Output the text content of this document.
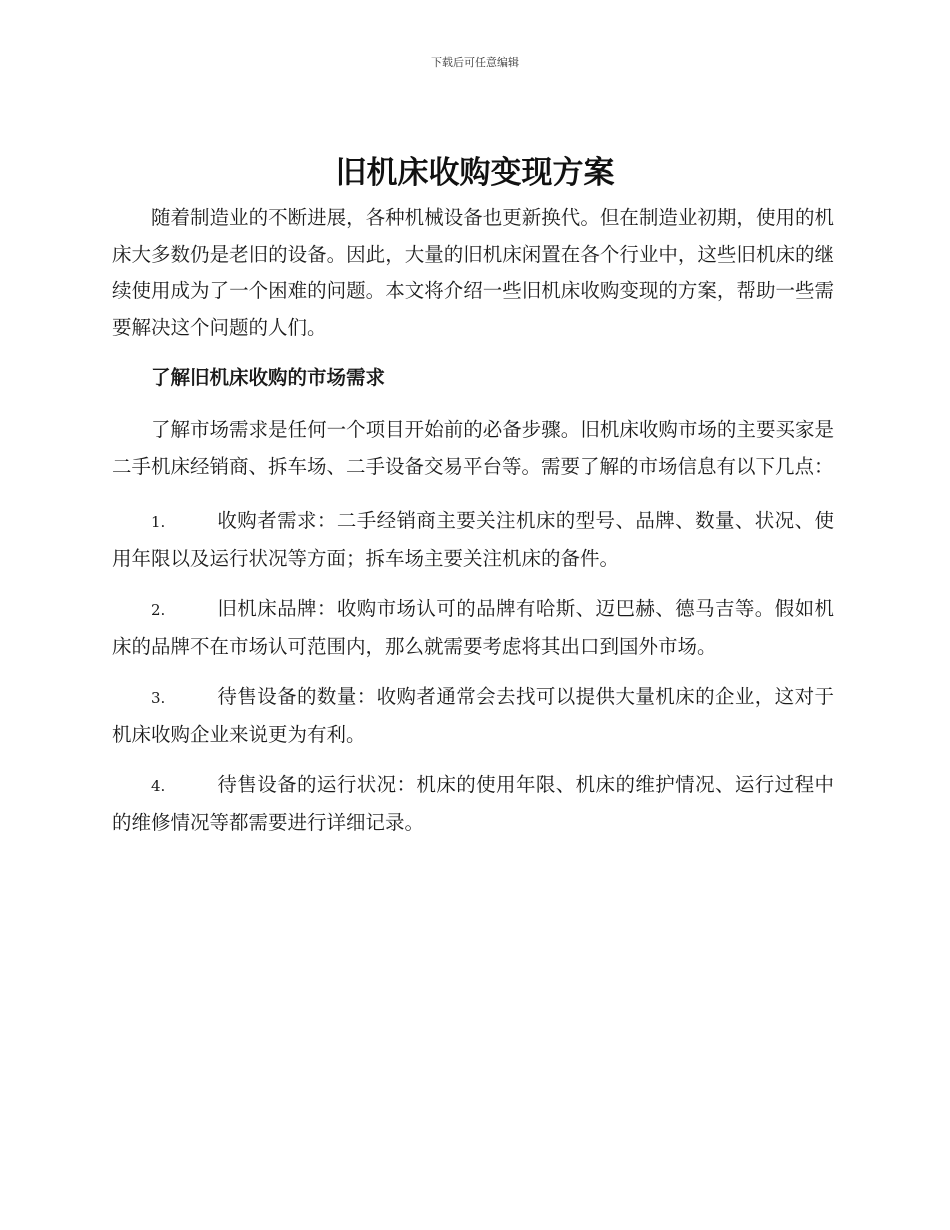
下载后可任意编辑
旧机床收购变现方案

随着制造业的不断进展，各种机械设备也更新换代。但在制造业初期，使用的机床大多数仍是老旧的设备。因此，大量的旧机床闲置在各个行业中，这些旧机床的继续使用成为了一个困难的问题。本文将介绍一些旧机床收购变现的方案，帮助一些需要解决这个问题的人们。

了解旧机床收购的市场需求

了解市场需求是任何一个项目开始前的必备步骤。旧机床收购市场的主要买家是二手机床经销商、拆车场、二手设备交易平台等。需要了解的市场信息有以下几点：

1.	收购者需求：二手经销商主要关注机床的型号、品牌、数量、状况、使用年限以及运行状况等方面；拆车场主要关注机床的备件。

2.	旧机床品牌：收购市场认可的品牌有哈斯、迈巴赫、德马吉等。假如机床的品牌不在市场认可范围内，那么就需要考虑将其出口到国外市场。

3.	待售设备的数量：收购者通常会去找可以提供大量机床的企业，这对于机床收购企业来说更为有利。

4.	待售设备的运行状况：机床的使用年限、机床的维护情况、运行过程中的维修情况等都需要进行详细记录。
